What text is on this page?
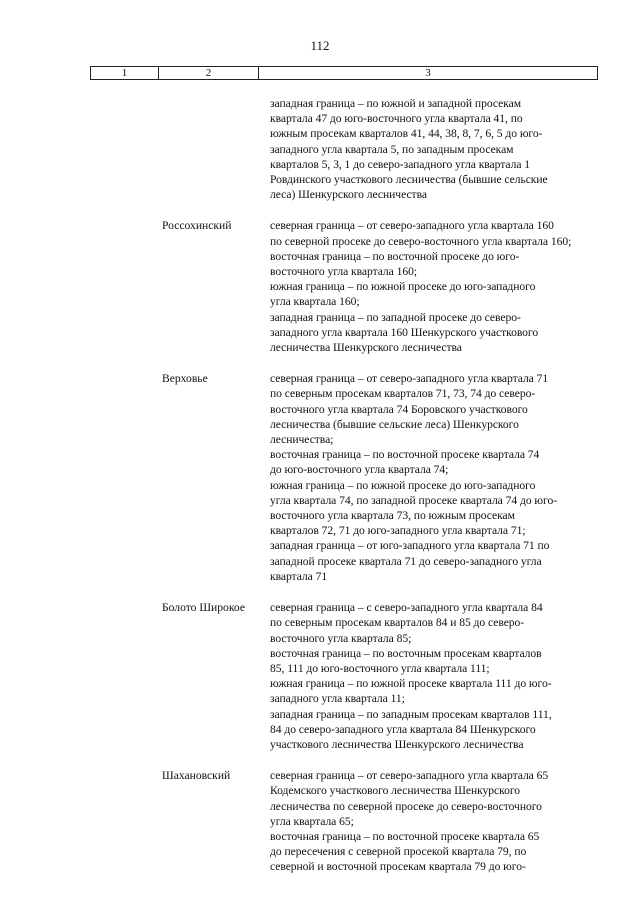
112
1	2	3
западная граница – по южной и западной просекам
квартала 47 до юго-восточного угла квартала 41, по
южным просекам кварталов 41, 44, 38, 8, 7, 6, 5 до юго-
западного угла квартала 5, по западным просекам
кварталов 5, 3, 1 до северо-западного угла квартала 1
Ровдинского участкового лесничества (бывшие сельские
леса) Шенкурского лесничества
Россохинский	северная граница – от северо-западного угла квартала 160
по северной просеке до северо-восточного угла квартала 160;
восточная граница – по восточной просеке до юго-
восточного угла квартала 160;
южная граница – по южной просеке до юго-западного
угла квартала 160;
западная граница – по западной просеке до северо-
западного угла квартала 160 Шенкурского участкового
лесничества Шенкурского лесничества
Верховье	северная граница – от северо-западного угла квартала 71
по северным просекам кварталов 71, 73, 74 до северо-
восточного угла квартала 74 Боровского участкового
лесничества (бывшие сельские леса) Шенкурского
лесничества;
восточная граница – по восточной просеке квартала 74
до юго-восточного угла квартала 74;
южная граница – по южной просеке до юго-западного
угла квартала 74, по западной просеке квартала 74 до юго-
восточного угла квартала 73, по южным просекам
кварталов 72, 71 до юго-западного угла квартала 71;
западная граница – от юго-западного угла квартала 71 по
западной просеке квартала 71 до северо-западного угла
квартала 71
Болото Широкое	северная граница – с северо-западного угла квартала 84
по северным просекам кварталов 84 и 85 до северо-
восточного угла квартала 85;
восточная граница – по восточным просекам кварталов
85, 111 до юго-восточного угла квартала 111;
южная граница – по южной просеке квартала 111 до юго-
западного угла квартала 11;
западная граница – по западным просекам кварталов 111,
84 до северо-западного угла квартала 84 Шенкурского
участкового лесничества Шенкурского лесничества
Шахановский	северная граница – от северо-западного угла квартала 65
Кодемского участкового лесничества Шенкурского
лесничества по северной просеке до северо-восточного
угла квартала 65;
восточная граница – по восточной просеке квартала 65
до пересечения с северной просекой квартала 79, по
северной и восточной просекам квартала 79 до юго-
